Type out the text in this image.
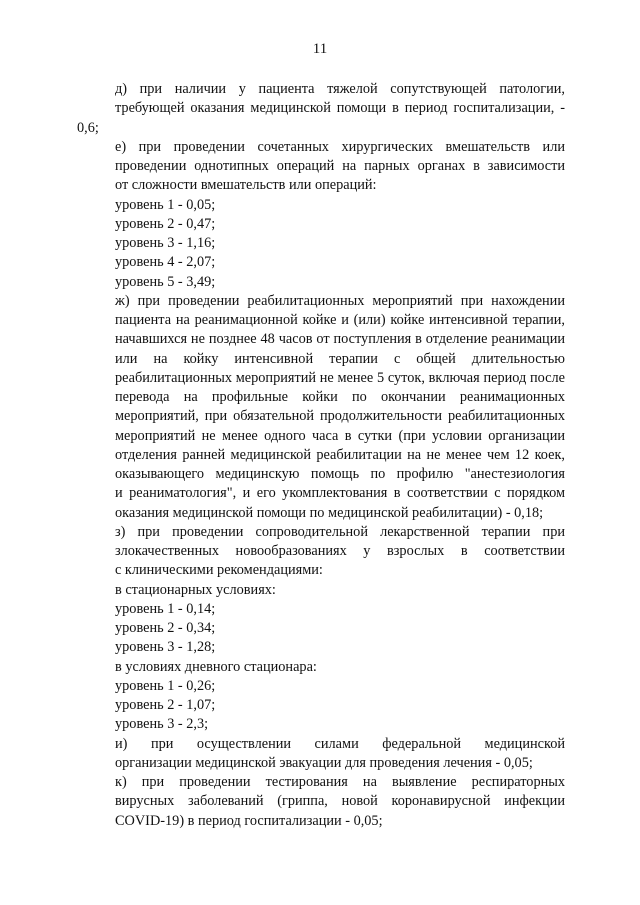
11
д) при наличии у пациента тяжелой сопутствующей патологии,
требующей оказания медицинской помощи в период госпитализации, - 0,6;
е) при проведении сочетанных хирургических вмешательств или
проведении однотипных операций на парных органах в зависимости
от сложности вмешательств или операций:
уровень 1 - 0,05;
уровень 2 - 0,47;
уровень 3 - 1,16;
уровень 4 - 2,07;
уровень 5 - 3,49;
ж) при проведении реабилитационных мероприятий при нахождении
пациента на реанимационной койке и (или) койке интенсивной терапии,
начавшихся не позднее 48 часов от поступления в отделение реанимации
или на койку интенсивной терапии с общей длительностью
реабилитационных мероприятий не менее 5 суток, включая период после
перевода на профильные койки по окончании реанимационных
мероприятий, при обязательной продолжительности реабилитационных
мероприятий не менее одного часа в сутки (при условии организации
отделения ранней медицинской реабилитации на не менее чем 12 коек,
оказывающего медицинскую помощь по профилю "анестезиология
и реаниматология", и его укомплектования в соответствии с порядком
оказания медицинской помощи по медицинской реабилитации) - 0,18;
з) при проведении сопроводительной лекарственной терапии при
злокачественных новообразованиях у взрослых в соответствии
с клиническими рекомендациями:
в стационарных условиях:
уровень 1 - 0,14;
уровень 2 - 0,34;
уровень 3 - 1,28;
в условиях дневного стационара:
уровень 1 - 0,26;
уровень 2 - 1,07;
уровень 3 - 2,3;
и) при осуществлении силами федеральной медицинской
организации медицинской эвакуации для проведения лечения - 0,05;
к) при проведении тестирования на выявление респираторных
вирусных заболеваний (гриппа, новой коронавирусной инфекции
COVID-19) в период госпитализации - 0,05;
